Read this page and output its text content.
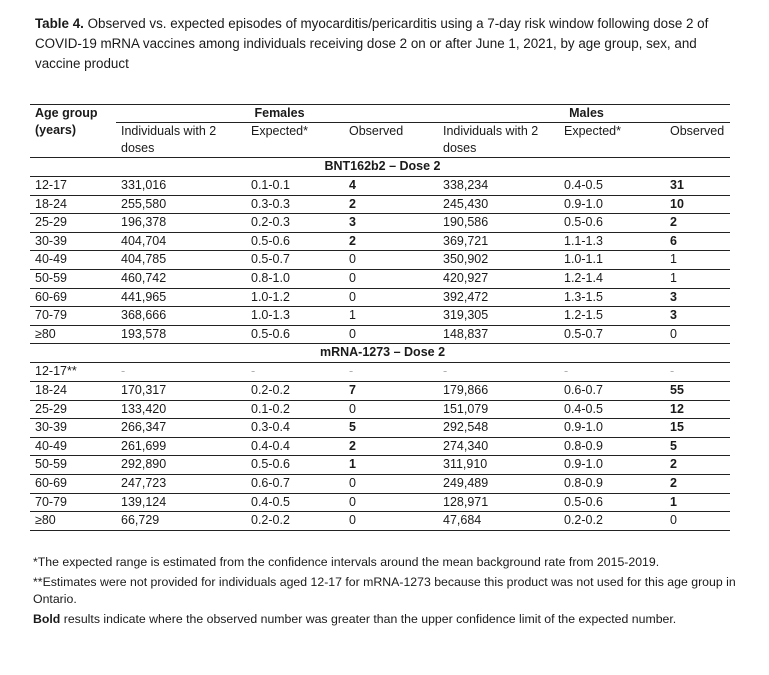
Table 4. Observed vs. expected episodes of myocarditis/pericarditis using a 7-day risk window following dose 2 of COVID-19 mRNA vaccines among individuals receiving dose 2 on or after June 1, 2021, by age group, sex, and vaccine product
Age group (years)	Females			Males		
	Individuals with 2 doses	Expected*	Observed	Individuals with 2 doses	Expected*	Observed
BNT162b2 – Dose 2						
12-17	331,016	0.1-0.1	4	338,234	0.4-0.5	31
18-24	255,580	0.3-0.3	2	245,430	0.9-1.0	10
25-29	196,378	0.2-0.3	3	190,586	0.5-0.6	2
30-39	404,704	0.5-0.6	2	369,721	1.1-1.3	6
40-49	404,785	0.5-0.7	0	350,902	1.0-1.1	1
50-59	460,742	0.8-1.0	0	420,927	1.2-1.4	1
60-69	441,965	1.0-1.2	0	392,472	1.3-1.5	3
70-79	368,666	1.0-1.3	1	319,305	1.2-1.5	3
≥80	193,578	0.5-0.6	0	148,837	0.5-0.7	0
mRNA-1273 – Dose 2						
12-17**	-	-	-	-	-	-
18-24	170,317	0.2-0.2	7	179,866	0.6-0.7	55
25-29	133,420	0.1-0.2	0	151,079	0.4-0.5	12
30-39	266,347	0.3-0.4	5	292,548	0.9-1.0	15
40-49	261,699	0.4-0.4	2	274,340	0.8-0.9	5
50-59	292,890	0.5-0.6	1	311,910	0.9-1.0	2
60-69	247,723	0.6-0.7	0	249,489	0.8-0.9	2
70-79	139,124	0.4-0.5	0	128,971	0.5-0.6	1
≥80	66,729	0.2-0.2	0	47,684	0.2-0.2	0

*The expected range is estimated from the confidence intervals around the mean background rate from 2015-2019.

**Estimates were not provided for individuals aged 12-17 for mRNA-1273 because this product was not used for this age group in Ontario.

Bold results indicate where the observed number was greater than the upper confidence limit of the expected number.
